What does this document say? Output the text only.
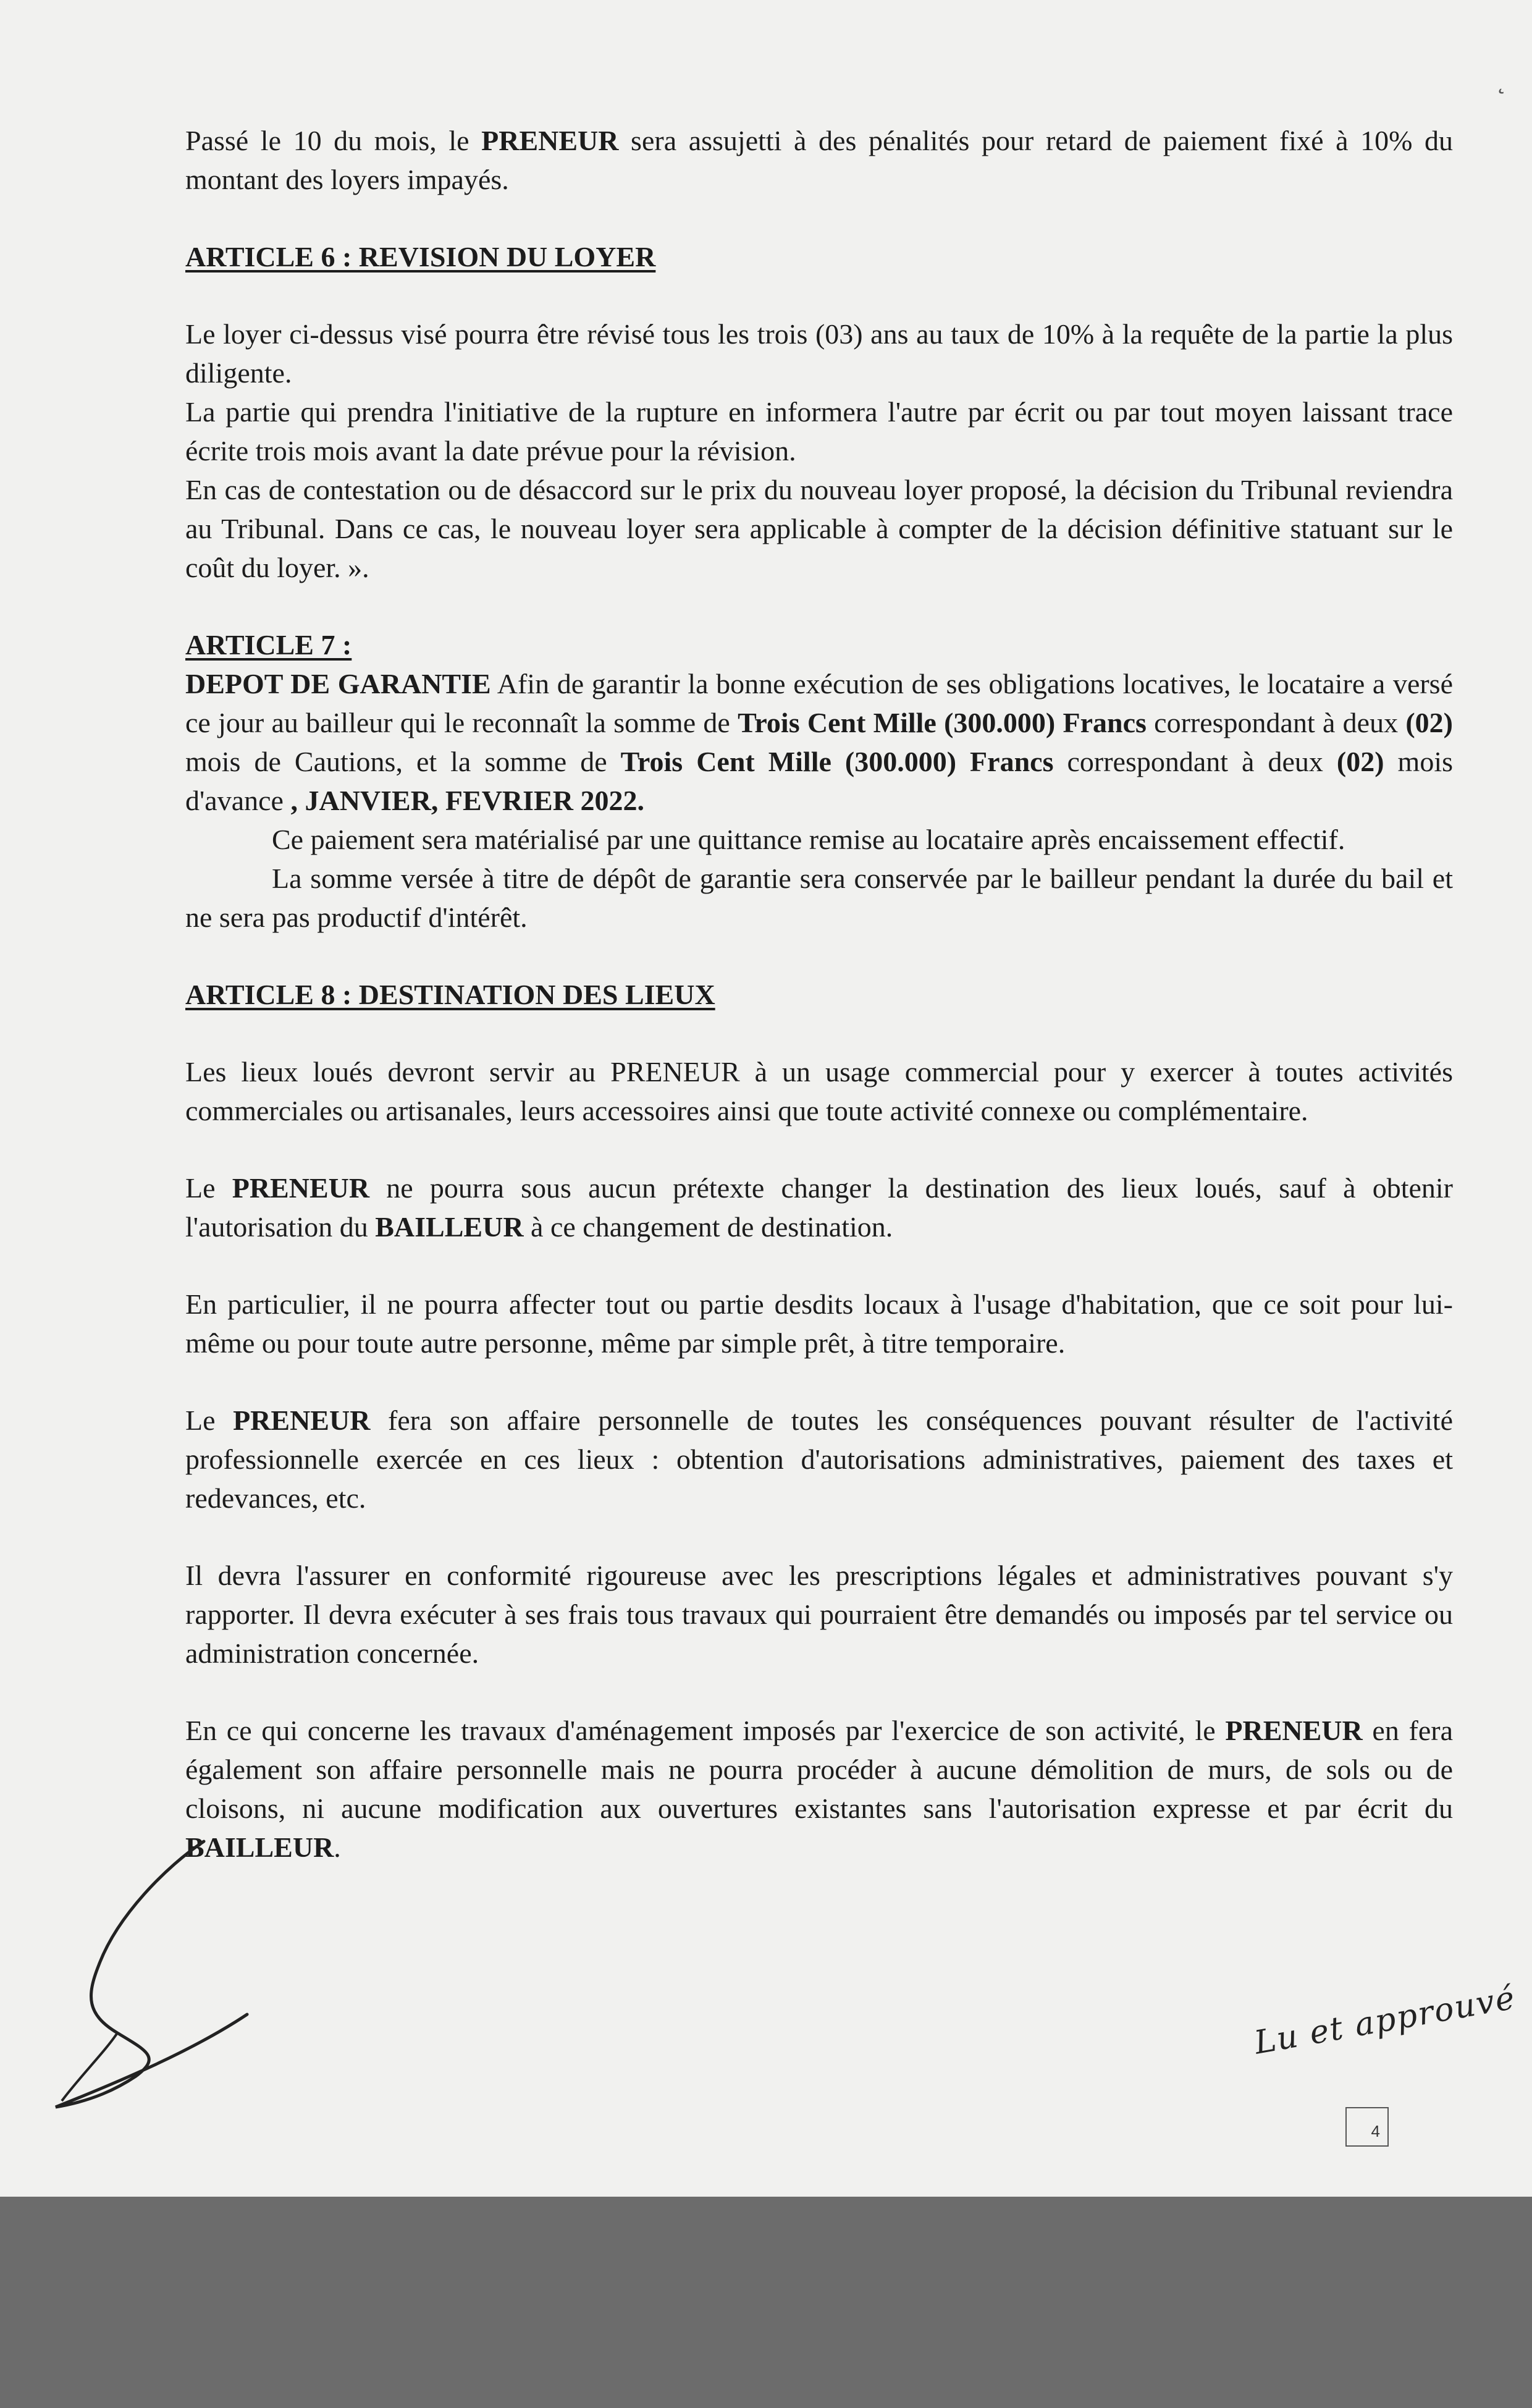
˛

Passé le 10 du mois, le PRENEUR sera assujetti à des pénalités pour retard de paiement fixé à 10% du montant des loyers impayés.

ARTICLE 6 : REVISION DU LOYER

Le loyer ci-dessus visé pourra être révisé tous les trois (03) ans au taux de 10% à la requête de la partie la plus diligente.
La partie qui prendra l'initiative de la rupture en informera l'autre par écrit ou par tout moyen laissant trace écrite trois mois avant la date prévue pour la révision.
En cas de contestation ou de désaccord sur le prix du nouveau loyer proposé, la décision du Tribunal reviendra au Tribunal. Dans ce cas, le nouveau loyer sera applicable à compter de la décision définitive statuant sur le coût du loyer. ».

ARTICLE 7 :
DEPOT DE GARANTIE Afin de garantir la bonne exécution de ses obligations locatives, le locataire a versé ce jour au bailleur qui le reconnaît la somme de Trois Cent Mille (300.000) Francs correspondant à deux (02) mois de Cautions, et la somme de Trois Cent Mille (300.000) Francs correspondant à deux (02) mois d'avance , JANVIER, FEVRIER 2022.

Ce paiement sera matérialisé par une quittance remise au locataire après encaissement effectif.

La somme versée à titre de dépôt de garantie sera conservée par le bailleur pendant la durée du bail et ne sera pas productif d'intérêt.

ARTICLE 8 : DESTINATION DES LIEUX

Les lieux loués devront servir au PRENEUR à un usage commercial pour y exercer à toutes activités commerciales ou artisanales, leurs accessoires ainsi que toute activité connexe ou complémentaire.

Le PRENEUR ne pourra sous aucun prétexte changer la destination des lieux loués, sauf à obtenir l'autorisation du BAILLEUR à ce changement de destination.

En particulier, il ne pourra affecter tout ou partie desdits locaux à l'usage d'habitation, que ce soit pour lui-même ou pour toute autre personne, même par simple prêt, à titre temporaire.

Le PRENEUR fera son affaire personnelle de toutes les conséquences pouvant résulter de l'activité professionnelle exercée en ces lieux : obtention d'autorisations administratives, paiement des taxes et redevances, etc.

Il devra l'assurer en conformité rigoureuse avec les prescriptions légales et administratives pouvant s'y rapporter. Il devra exécuter à ses frais tous travaux qui pourraient être demandés ou imposés par tel service ou administration concernée.

En ce qui concerne les travaux d'aménagement imposés par l'exercice de son activité, le PRENEUR en fera également son affaire personnelle mais ne pourra procéder à aucune démolition de murs, de sols ou de cloisons, ni aucune modification aux ouvertures existantes sans l'autorisation expresse et par écrit du BAILLEUR.

Lu et approuvé
4
